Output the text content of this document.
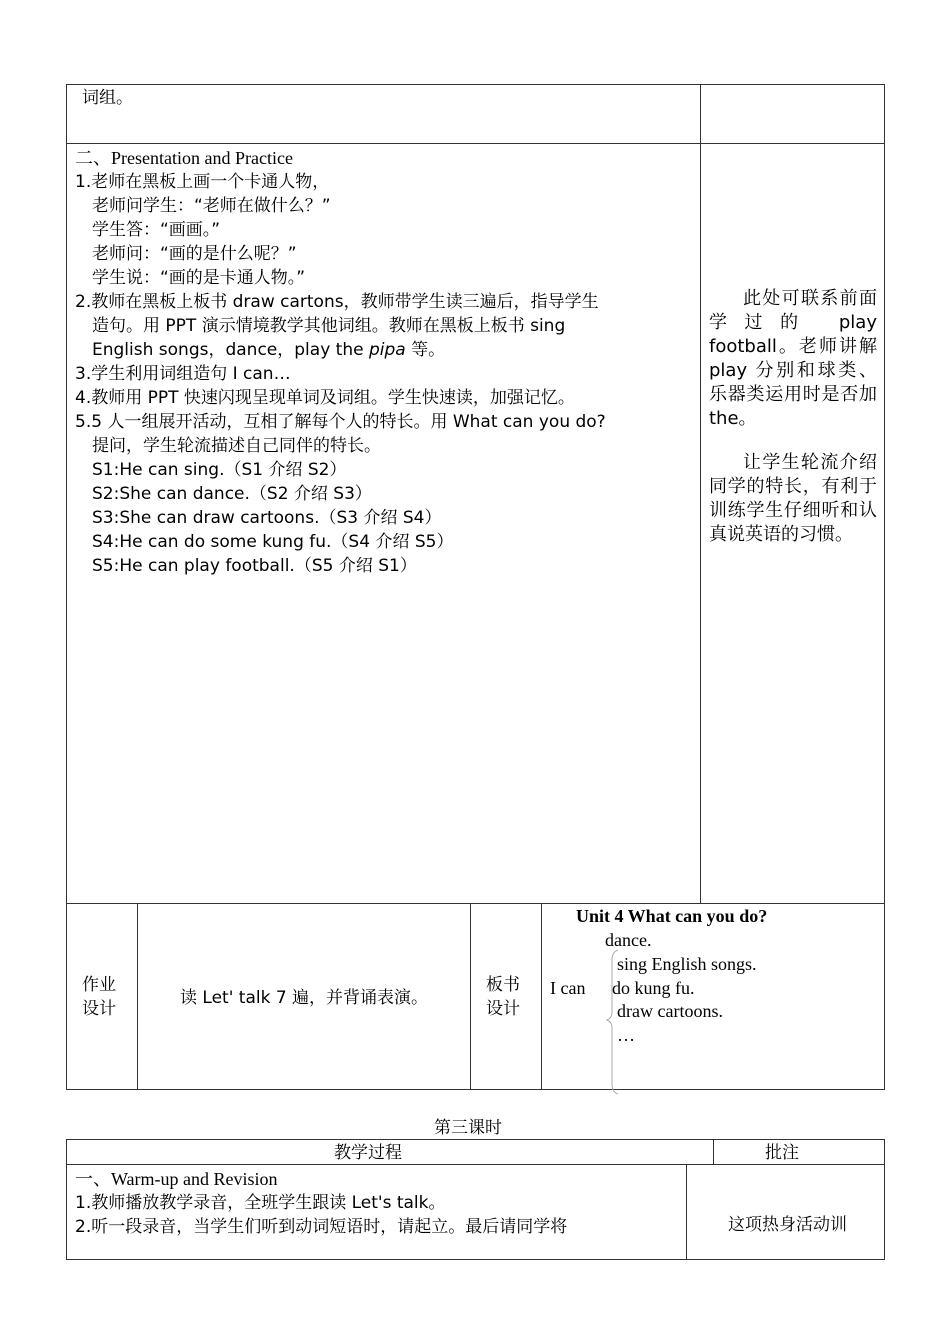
词组。
二、Presentation and Practice
1.老师在黑板上画一个卡通人物，
老师问学生：“老师在做什么？”
学生答：“画画。”
老师问：“画的是什么呢？”
学生说：“画的是卡通人物。”
2.教师在黑板上板书 draw cartons，教师带学生读三遍后，指导学生
造句。用 PPT 演示情境教学其他词组。教师在黑板上板书 sing
English songs，dance，play the pipa 等。
3.学生利用词组造句 I can…
4.教师用 PPT 快速闪现呈现单词及词组。学生快速读，加强记忆。
5.5 人一组展开活动，互相了解每个人的特长。用 What can you do?
提问，学生轮流描述自己同伴的特长。
S1:He can sing.（S1 介绍 S2）
S2:She can dance.（S2 介绍 S3）
S3:She can draw cartoons.（S3 介绍 S4）
S4:He can do some kung fu.（S4 介绍 S5）
S5:He can play football.（S5 介绍 S1）
此处可联系前面学过的 play football。老师讲解 play 分别和球类、乐器类运用时是否加 the。
让学生轮流介绍同学的特长，有利于训练学生仔细听和认真说英语的习惯。
作业
设计
读 Let' talk 7 遍，并背诵表演。
板书
设计
Unit 4 What can you do?
dance.
sing English songs.
I can do kung fu.
draw cartoons.
…
第三课时
教学过程	批注
一、Warm-up and Revision
1.教师播放教学录音，全班学生跟读 Let's talk。
2.听一段录音，当学生们听到动词短语时，请起立。最后请同学将	这项热身活动训
